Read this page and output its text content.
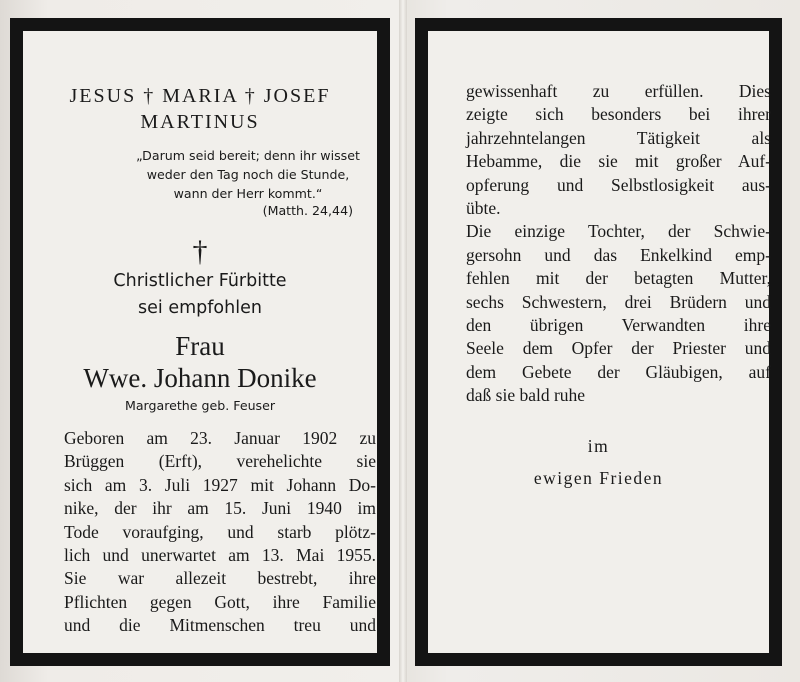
JESUS † MARIA † JOSEF
MARTINUS
„Darum seid bereit; denn ihr wisset
weder den Tag noch die Stunde,
wann der Herr kommt.“
(Matth. 24,44)
†
Christlicher Fürbitte
sei empfohlen
Frau
Wwe. Johann Donike
Margarethe geb. Feuser
Geboren am 23. Januar 1902 zu
Brüggen (Erft), verehelichte sie
sich am 3. Juli 1927 mit Johann Do-
nike, der ihr am 15. Juni 1940 im
Tode voraufging, und starb plötz-
lich und unerwartet am 13. Mai 1955.
Sie war allezeit bestrebt, ihre
Pflichten gegen Gott, ihre Familie
und die Mitmenschen treu und
gewissenhaft zu erfüllen. Dies
zeigte sich besonders bei ihrer
jahrzehntelangen Tätigkeit als
Hebamme, die sie mit großer Auf-
opferung und Selbstlosigkeit aus-
übte.
Die einzige Tochter, der Schwie-
gersohn und das Enkelkind emp-
fehlen mit der betagten Mutter,
sechs Schwestern, drei Brüdern und
den übrigen Verwandten ihre
Seele dem Opfer der Priester und
dem Gebete der Gläubigen, auf
daß sie bald ruhe
im
ewigen Frieden
